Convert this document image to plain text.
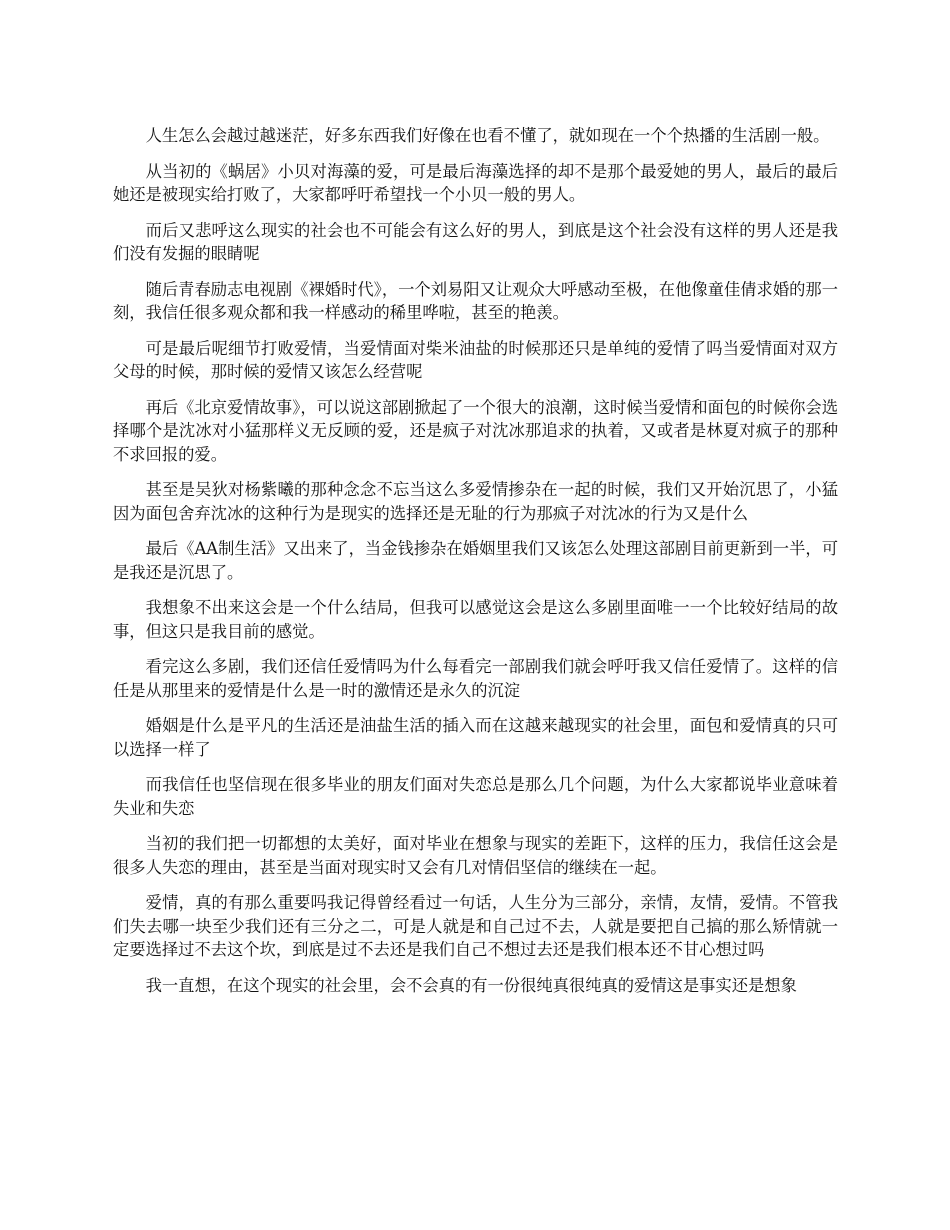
人生怎么会越过越迷茫，好多东西我们好像在也看不懂了，就如现在一个个热播的生活剧一般。

从当初的《蜗居》小贝对海藻的爱，可是最后海藻选择的却不是那个最爱她的男人，最后的最后她还是被现实给打败了，大家都呼吁希望找一个小贝一般的男人。

而后又悲呼这么现实的社会也不可能会有这么好的男人，到底是这个社会没有这样的男人还是我们没有发掘的眼睛呢

随后青春励志电视剧《裸婚时代》，一个刘易阳又让观众大呼感动至极，在他像童佳倩求婚的那一刻，我信任很多观众都和我一样感动的稀里哗啦，甚至的艳羡。

可是最后呢细节打败爱情，当爱情面对柴米油盐的时候那还只是单纯的爱情了吗当爱情面对双方父母的时候，那时候的爱情又该怎么经营呢

再后《北京爱情故事》，可以说这部剧掀起了一个很大的浪潮，这时候当爱情和面包的时候你会选择哪个是沈冰对小猛那样义无反顾的爱，还是疯子对沈冰那追求的执着，又或者是林夏对疯子的那种不求回报的爱。

甚至是吴狄对杨紫曦的那种念念不忘当这么多爱情掺杂在一起的时候，我们又开始沉思了，小猛因为面包舍弃沈冰的这种行为是现实的选择还是无耻的行为那疯子对沈冰的行为又是什么

最后《AA制生活》又出来了，当金钱掺杂在婚姻里我们又该怎么处理这部剧目前更新到一半，可是我还是沉思了。

我想象不出来这会是一个什么结局，但我可以感觉这会是这么多剧里面唯一一个比较好结局的故事，但这只是我目前的感觉。

看完这么多剧，我们还信任爱情吗为什么每看完一部剧我们就会呼吁我又信任爱情了。这样的信任是从那里来的爱情是什么是一时的激情还是永久的沉淀

婚姻是什么是平凡的生活还是油盐生活的插入而在这越来越现实的社会里，面包和爱情真的只可以选择一样了

而我信任也坚信现在很多毕业的朋友们面对失恋总是那么几个问题，为什么大家都说毕业意味着失业和失恋

当初的我们把一切都想的太美好，面对毕业在想象与现实的差距下，这样的压力，我信任这会是很多人失恋的理由，甚至是当面对现实时又会有几对情侣坚信的继续在一起。

爱情，真的有那么重要吗我记得曾经看过一句话，人生分为三部分，亲情，友情，爱情。不管我们失去哪一块至少我们还有三分之二，可是人就是和自己过不去，人就是要把自己搞的那么矫情就一定要选择过不去这个坎，到底是过不去还是我们自己不想过去还是我们根本还不甘心想过吗

我一直想，在这个现实的社会里，会不会真的有一份很纯真很纯真的爱情这是事实还是想象
